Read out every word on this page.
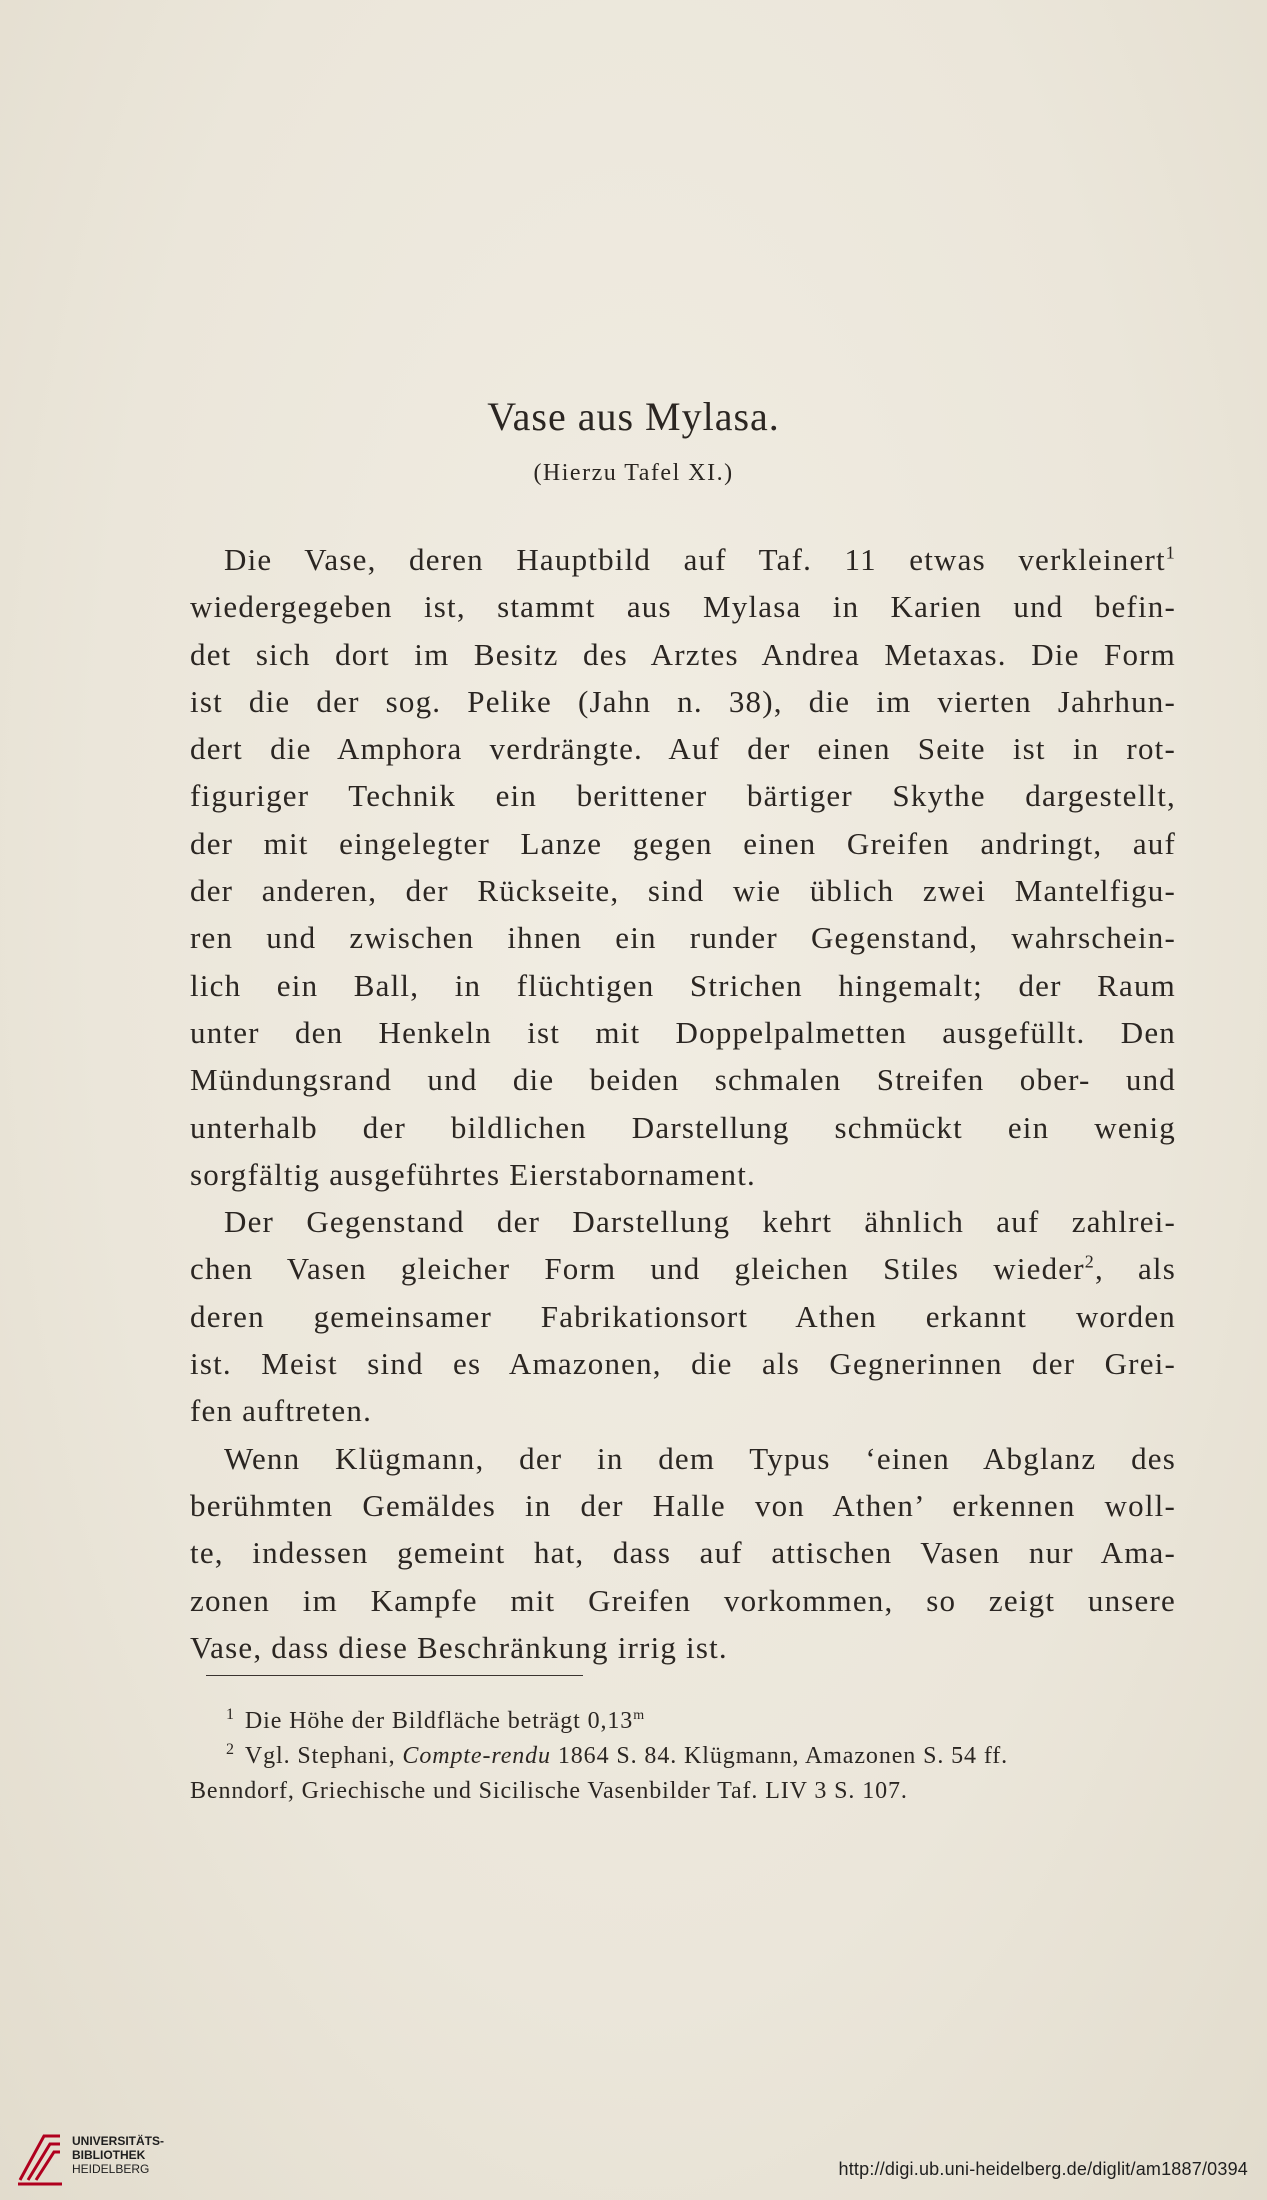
Vase aus Mylasa.
(Hierzu Tafel XI.)
Die Vase, deren Hauptbild auf Taf. 11 etwas verkleinert$^1$
wiedergegeben ist, stammt aus Mylasa in Karien und befin-
det sich dort im Besitz des Arztes Andrea Metaxas. Die Form
ist die der sog. Pelike (Jahn n. 38), die im vierten Jahrhun-
dert die Amphora verdrängte. Auf der einen Seite ist in rot-
figuriger Technik ein berittener bärtiger Skythe dargestellt,
der mit eingelegter Lanze gegen einen Greifen andringt, auf
der anderen, der Rückseite, sind wie üblich zwei Mantelfigu-
ren und zwischen ihnen ein runder Gegenstand, wahrschein-
lich ein Ball, in flüchtigen Strichen hingemalt; der Raum
unter den Henkeln ist mit Doppelpalmetten ausgefüllt. Den
Mündungsrand und die beiden schmalen Streifen ober- und
unterhalb der bildlichen Darstellung schmückt ein wenig
sorgfältig ausgeführtes Eierstabornament.
Der Gegenstand der Darstellung kehrt ähnlich auf zahlrei-
chen Vasen gleicher Form und gleichen Stiles wieder$^2$, als
deren gemeinsamer Fabrikationsort Athen erkannt worden
ist. Meist sind es Amazonen, die als Gegnerinnen der Grei-
fen auftreten.
Wenn Klügmann, der in dem Typus ‘einen Abglanz des
berühmten Gemäldes in der Halle von Athen’ erkennen woll-
te, indessen gemeint hat, dass auf attischen Vasen nur Ama-
zonen im Kampfe mit Greifen vorkommen, so zeigt unsere
Vase, dass diese Beschränkung irrig ist.
$^1$ Die Höhe der Bildfläche beträgt 0,13$^m$
$^2$ Vgl. Stephani, Compte-rendu 1864 S. 84. Klügmann, Amazonen S. 54 ff.
Benndorf, Griechische und Sicilische Vasenbilder Taf. LIV 3 S. 107.
UNIVERSITÄTS-
BIBLIOTHEK
HEIDELBERG	http://digi.ub.uni-heidelberg.de/diglit/am1887/0394
